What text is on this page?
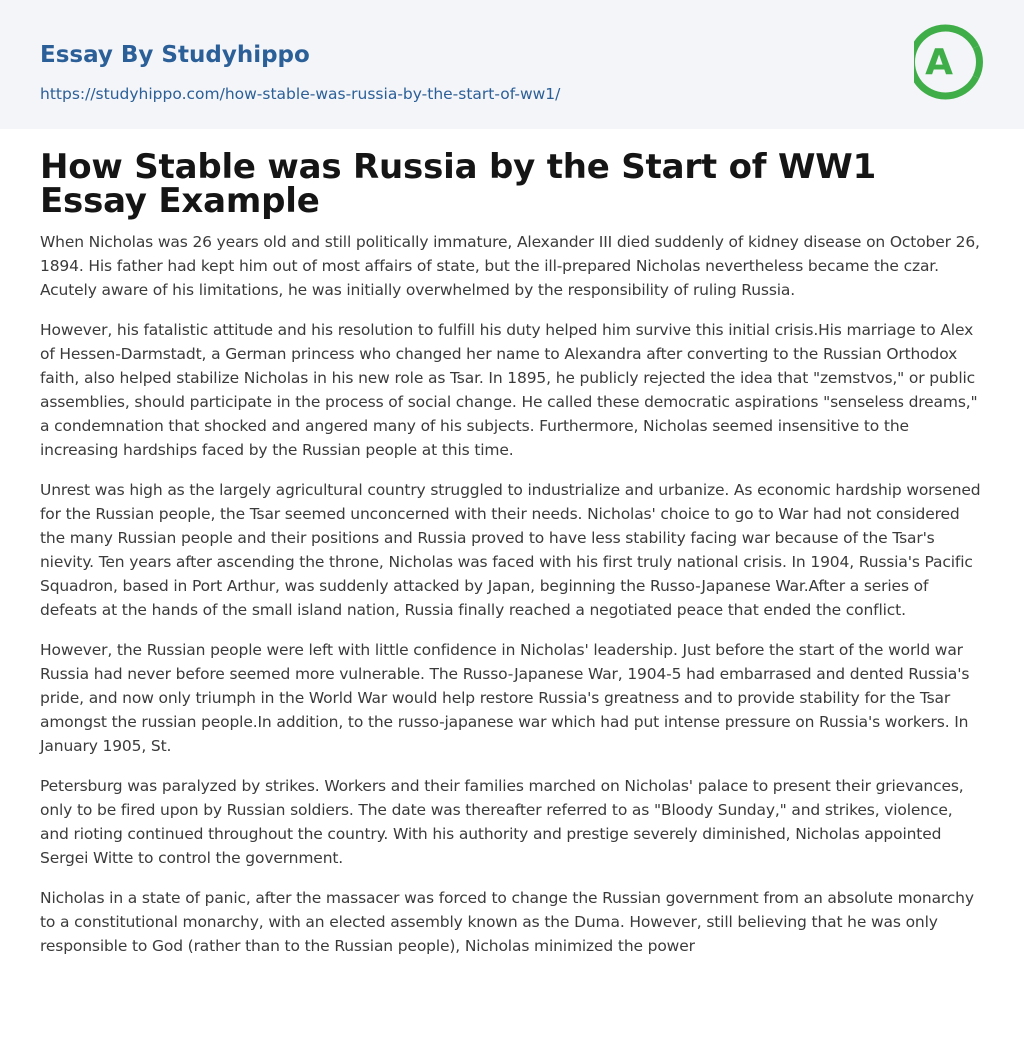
Essay By Studyhippo
https://studyhippo.com/how-stable-was-russia-by-the-start-of-ww1/
A
How Stable was Russia by the Start of WW1 Essay Example

When Nicholas was 26 years old and still politically immature, Alexander III died suddenly of kidney disease on October 26, 1894. His father had kept him out of most affairs of state, but the ill-prepared Nicholas nevertheless became the czar. Acutely aware of his limitations, he was initially overwhelmed by the responsibility of ruling Russia.

However, his fatalistic attitude and his resolution to fulfill his duty helped him survive this initial crisis.His marriage to Alex of Hessen-Darmstadt, a German princess who changed her name to Alexandra after converting to the Russian Orthodox faith, also helped stabilize Nicholas in his new role as Tsar. In 1895, he publicly rejected the idea that "zemstvos," or public assemblies, should participate in the process of social change. He called these democratic aspirations "senseless dreams," a condemnation that shocked and angered many of his subjects. Furthermore, Nicholas seemed insensitive to the increasing hardships faced by the Russian people at this time.

Unrest was high as the largely agricultural country struggled to industrialize and urbanize. As economic hardship worsened for the Russian people, the Tsar seemed unconcerned with their needs. Nicholas' choice to go to War had not considered the many Russian people and their positions and Russia proved to have less stability facing war because of the Tsar's nievity. Ten years after ascending the throne, Nicholas was faced with his first truly national crisis. In 1904, Russia's Pacific Squadron, based in Port Arthur, was suddenly attacked by Japan, beginning the Russo-Japanese War.After a series of defeats at the hands of the small island nation, Russia finally reached a negotiated peace that ended the conflict.

However, the Russian people were left with little confidence in Nicholas' leadership. Just before the start of the world war Russia had never before seemed more vulnerable. The Russo-Japanese War, 1904-5 had embarrased and dented Russia's pride, and now only triumph in the World War would help restore Russia's greatness and to provide stability for the Tsar amongst the russian people.In addition, to the russo-japanese war which had put intense pressure on Russia's workers. In January 1905, St.

Petersburg was paralyzed by strikes. Workers and their families marched on Nicholas' palace to present their grievances, only to be fired upon by Russian soldiers. The date was thereafter referred to as "Bloody Sunday," and strikes, violence, and rioting continued throughout the country. With his authority and prestige severely diminished, Nicholas appointed Sergei Witte to control the government.

Nicholas in a state of panic, after the massacer was forced to change the Russian government from an absolute monarchy to a constitutional monarchy, with an elected assembly known as the Duma. However, still believing that he was only responsible to God (rather than to the Russian people), Nicholas minimized the power
